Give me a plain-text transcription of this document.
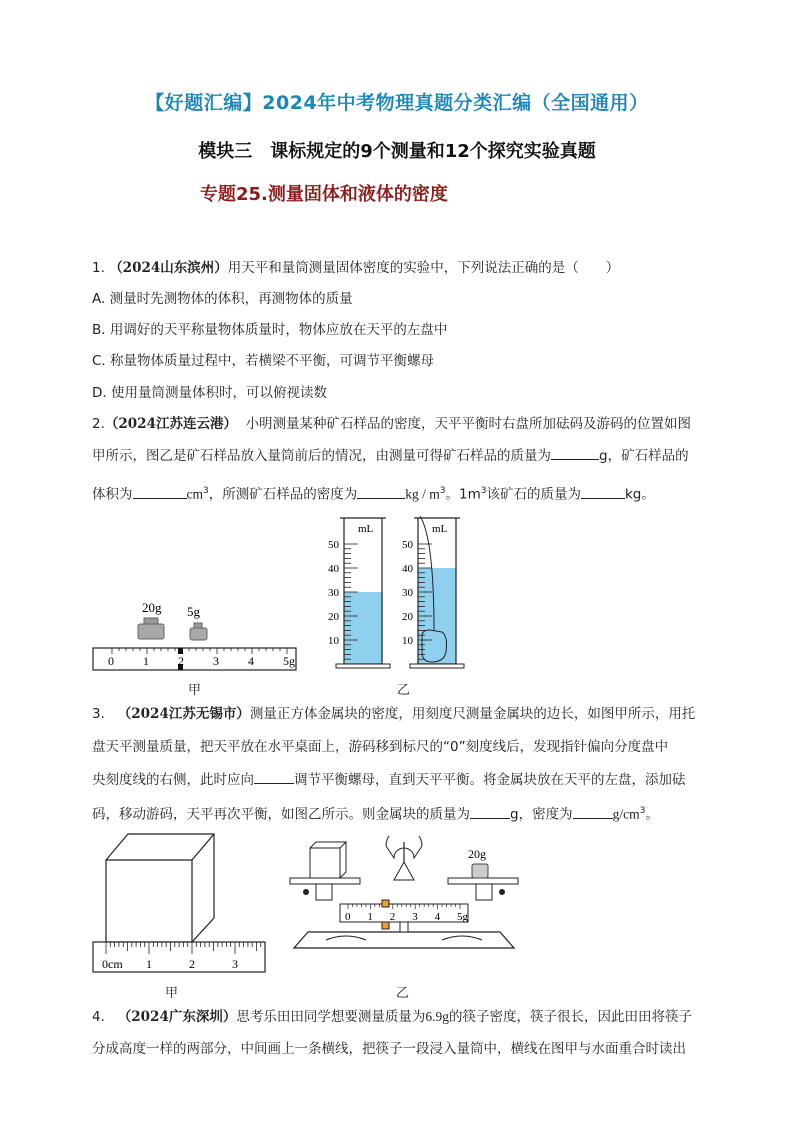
【好题汇编】2024年中考物理真题分类汇编（全国通用）
模块三　课标规定的9个测量和12个探究实验真题
专题25.测量固体和液体的密度
1. （2024山东滨州）用天平和量筒测量固体密度的实验中，下列说法正确的是（　　）
A. 测量时先测物体的体积，再测物体的质量
B. 用调好的天平称量物体质量时，物体应放在天平的左盘中
C. 称量物体质量过程中，若横梁不平衡，可调节平衡螺母
D. 使用量筒测量体积时，可以俯视读数
2.（2024江苏连云港） 小明测量某种矿石样品的密度，天平平衡时右盘所加砝码及游码的位置如图
甲所示，图乙是矿石样品放入量筒前后的情况，由测量可得矿石样品的质量为	g，矿石样品的
体积为	$cm^3$，所测矿石样品的密度为	kg / $m^3$。$1m^3$该矿石的质量为	kg。
20g 5g
0 1 2 3 4 5g
甲
50
40
30
20
10
50
40
30
20
10
mL	mL
乙
3. （2024江苏无锡市）测量正方体金属块的密度，用刻度尺测量金属块的边长，如图甲所示，用托
盘天平测量质量，把天平放在水平桌面上，游码移到标尺的“0”刻度线后，发现指针偏向分度盘中
央刻度线的右侧，此时应向	调节平衡螺母，直到天平平衡。将金属块放在天平的左盘，添加砝
码，移动游码，天平再次平衡，如图乙所示。则金属块的质量为	g，密度为	$g/cm^3$。
0cm 1	2	3
甲
20g
0 1 2 3 4 5g
乙
4. （2024广东深圳）思考乐田田同学想要测量质量为6.9g的筷子密度，筷子很长，因此田田将筷子
分成高度一样的两部分，中间画上一条横线，把筷子一段浸入量筒中，横线在图甲与水面重合时读出
